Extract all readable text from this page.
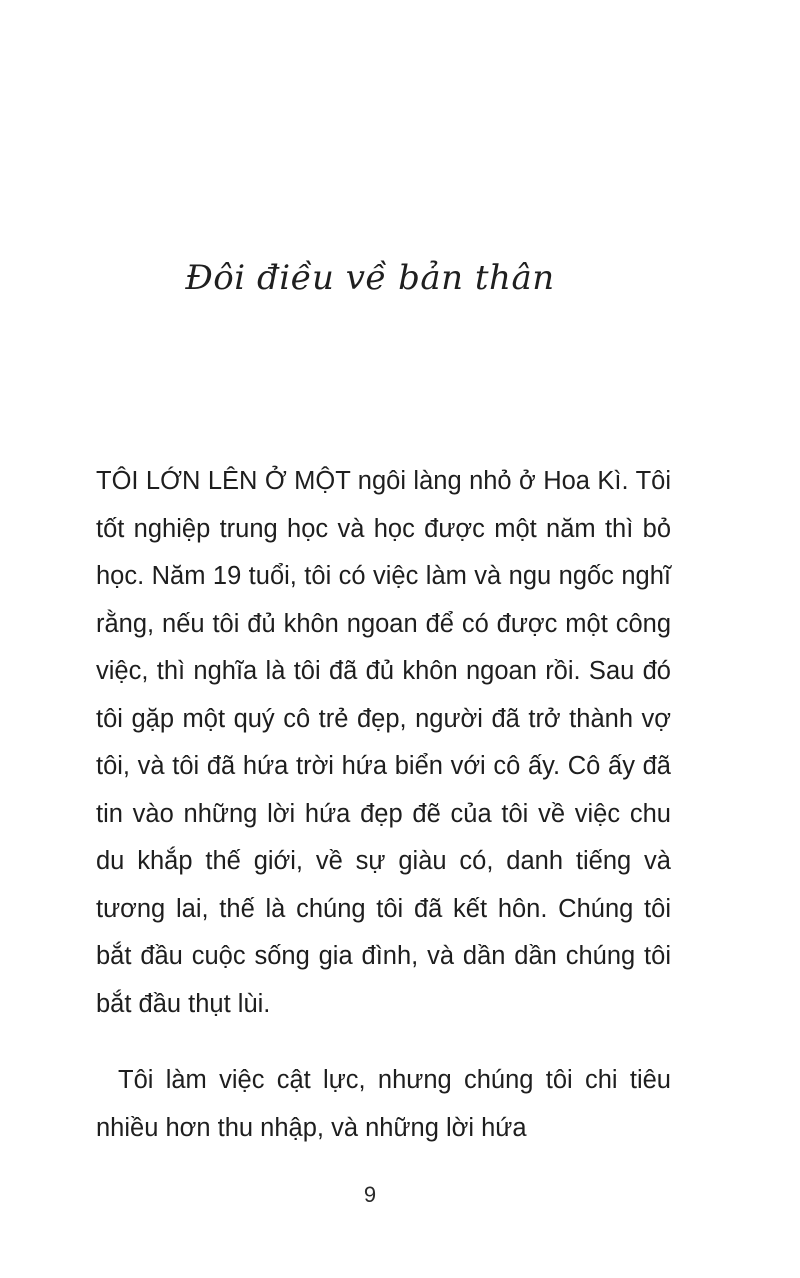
Đôi điều về bản thân

TÔI LỚN LÊN Ở MỘT ngôi làng nhỏ ở Hoa Kì. Tôi tốt nghiệp trung học và học được một năm thì bỏ học. Năm 19 tuổi, tôi có việc làm và ngu ngốc nghĩ rằng, nếu tôi đủ khôn ngoan để có được một công việc, thì nghĩa là tôi đã đủ khôn ngoan rồi. Sau đó tôi gặp một quý cô trẻ đẹp, người đã trở thành vợ tôi, và tôi đã hứa trời hứa biển với cô ấy. Cô ấy đã tin vào những lời hứa đẹp đẽ của tôi về việc chu du khắp thế giới, về sự giàu có, danh tiếng và tương lai, thế là chúng tôi đã kết hôn. Chúng tôi bắt đầu cuộc sống gia đình, và dần dần chúng tôi bắt đầu thụt lùi.

Tôi làm việc cật lực, nhưng chúng tôi chi tiêu nhiều hơn thu nhập, và những lời hứa

9
